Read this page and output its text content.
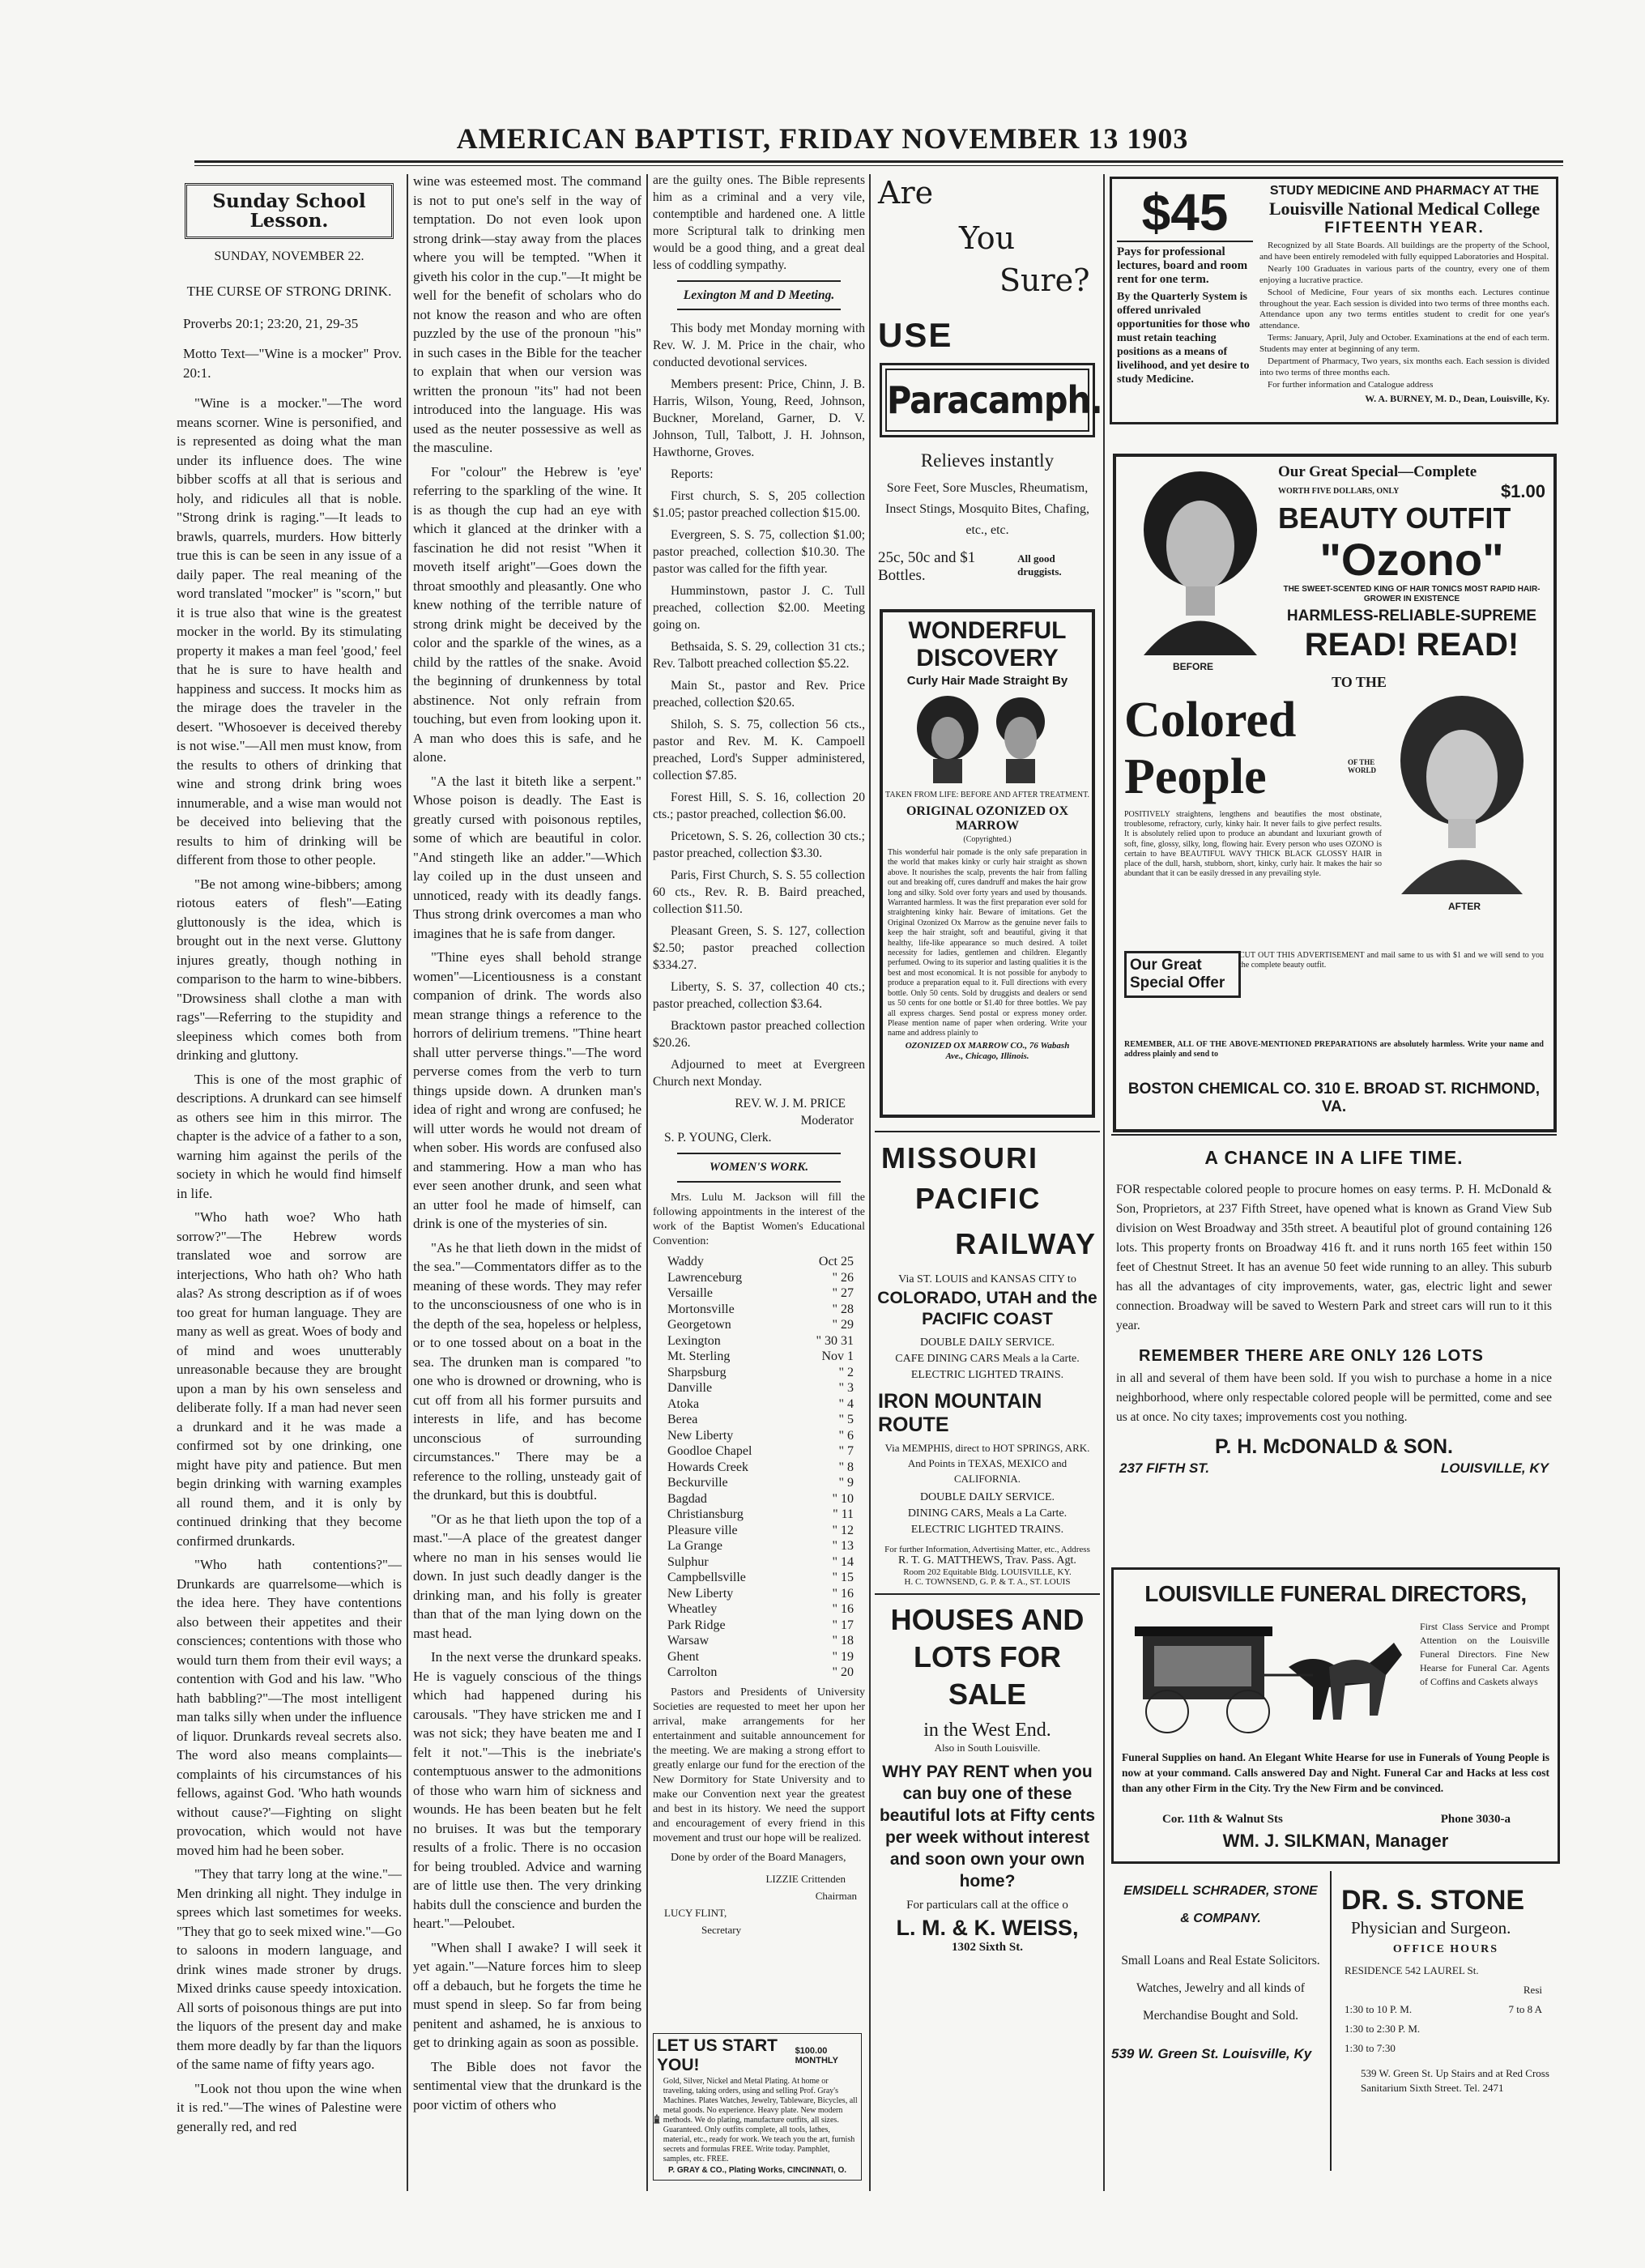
AMERICAN BAPTIST, FRIDAY NOVEMBER 13 1903
Sunday School Lesson.
SUNDAY, NOVEMBER 22.
THE CURSE OF STRONG DRINK.
Proverbs 20:1; 23:20, 21, 29-35
Motto Text—"Wine is a mocker" Prov. 20:1.

"Wine is a mocker."—The word means scorner. Wine is personified, and is represented as doing what the man under its influence does. The wine bibber scoffs at all that is serious and holy, and ridicules all that is noble. "Strong drink is raging."—It leads to brawls, quarrels, murders. How bitterly true this is can be seen in any issue of a daily paper. The real meaning of the word translated "mocker" is "scorn," but it is true also that wine is the greatest mocker in the world. By its stimulating property it makes a man feel 'good,' feel that he is sure to have health and happiness and success. It mocks him as the mirage does the traveler in the desert. "Whosoever is deceived thereby is not wise."—All men must know, from the results to others of drinking that wine and strong drink bring woes innumerable, and a wise man would not be deceived into believing that the results to him of drinking will be different from those to other people.

"Be not among wine-bibbers; among riotous eaters of flesh"—Eating gluttonously is the idea, which is brought out in the next verse. Gluttony injures greatly, though nothing in comparison to the harm to wine-bibbers. "Drowsiness shall clothe a man with rags"—Referring to the stupidity and sleepiness which comes both from drinking and gluttony.

This is one of the most graphic of descriptions. A drunkard can see himself as others see him in this mirror. The chapter is the advice of a father to a son, warning him against the perils of the society in which he would find himself in life.

"Who hath woe? Who hath sorrow?"—The Hebrew words translated woe and sorrow are interjections, Who hath oh? Who hath alas? As strong description as if of woes too great for human language. They are many as well as great. Woes of body and of mind and woes unutterably unreasonable because they are brought upon a man by his own senseless and deliberate folly. If a man had never seen a drunkard and it he was made a confirmed sot by one drinking, one might have pity and patience. But men begin drinking with warning examples all round them, and it is only by continued drinking that they become confirmed drunkards.

"Who hath contentions?"—Drunkards are quarrelsome—which is the idea here. They have contentions also between their appetites and their consciences; contentions with those who would turn them from their evil ways; a contention with God and his law. "Who hath babbling?"—The most intelligent man talks silly when under the influence of liquor. Drunkards reveal secrets also. The word also means complaints—complaints of his circumstances of his fellows, against God. 'Who hath wounds without cause?'—Fighting on slight provocation, which would not have moved him had he been sober.

"They that tarry long at the wine."—Men drinking all night. They indulge in sprees which last sometimes for weeks. "They that go to seek mixed wine."—Go to saloons in modern language, and drink wines made stroner by drugs. Mixed drinks cause speedy intoxication. All sorts of poisonous things are put into the liquors of the present day and make them more deadly by far than the liquors of the same name of fifty years ago.

"Look not thou upon the wine when it is red."—The wines of Palestine were generally red, and red

wine was esteemed most. The command is not to put one's self in the way of temptation. Do not even look upon strong drink—stay away from the places where you will be tempted. "When it giveth his color in the cup."—It might be well for the benefit of scholars who do not know the reason and who are often puzzled by the use of the pronoun "his" in such cases in the Bible for the teacher to explain that when our version was written the pronoun "its" had not been introduced into the language. His was used as the neuter possessive as well as the masculine.

For "colour" the Hebrew is 'eye' referring to the sparkling of the wine. It is as though the cup had an eye with which it glanced at the drinker with a fascination he did not resist "When it moveth itself aright"—Goes down the throat smoothly and pleasantly. One who knew nothing of the terrible nature of strong drink might be deceived by the color and the sparkle of the wines, as a child by the rattles of the snake. Avoid the beginning of drunkenness by total abstinence. Not only refrain from touching, but even from looking upon it. A man who does this is safe, and he alone.

"A the last it biteth like a serpent." Whose poison is deadly. The East is greatly cursed with poisonous reptiles, some of which are beautiful in color. "And stingeth like an adder."—Which lay coiled up in the dust unseen and unnoticed, ready with its deadly fangs. Thus strong drink overcomes a man who imagines that he is safe from danger.

"Thine eyes shall behold strange women"—Licentiousness is a constant companion of drink. The words also mean strange things a reference to the horrors of delirium tremens. "Thine heart shall utter perverse things."—The word perverse comes from the verb to turn things upside down. A drunken man's idea of right and wrong are confused; he will utter words he would not dream of when sober. His words are confused also and stammering. How a man who has ever seen another drunk, and seen what an utter fool he made of himself, can drink is one of the mysteries of sin.

"As he that lieth down in the midst of the sea."—Commentators differ as to the meaning of these words. They may refer to the unconsciousness of one who is in the depth of the sea, hopeless or helpless, or to one tossed about on a boat in the sea. The drunken man is compared "to one who is drowned or drowning, who is cut off from all his former pursuits and interests in life, and has become unconscious of surrounding circumstances." There may be a reference to the rolling, unsteady gait of the drunkard, but this is doubtful.

"Or as he that lieth upon the top of a mast."—A place of the greatest danger where no man in his senses would lie down. In just such deadly danger is the drinking man, and his folly is greater than that of the man lying down on the mast head.

In the next verse the drunkard speaks. He is vaguely conscious of the things which had happened during his carousals. "They have stricken me and I was not sick; they have beaten me and I felt it not."—This is the inebriate's contemptuous answer to the admonitions of those who warn him of sickness and wounds. He has been beaten but he felt no bruises. It was but the temporary results of a frolic. There is no occasion for being troubled. Advice and warning are of little use then. The very drinking habits dull the conscience and burden the heart."—Peloubet.

"When shall I awake? I will seek it yet again."—Nature forces him to sleep off a debauch, but he forgets the time he must spend in sleep. So far from being penitent and ashamed, he is anxious to get to drinking again as soon as possible.

The Bible does not favor the sentimental view that the drunkard is the poor victim of others who

are the guilty ones. The Bible represents him as a criminal and a very vile, contemptible and hardened one. A little more Scriptural talk to drinking men would be a good thing, and a great deal less of coddling sympathy.

Lexington M and D Meeting.

This body met Monday morning with Rev. W. J. M. Price in the chair, who conducted devotional services.

Members present: Price, Chinn, J. B. Harris, Wilson, Young, Reed, Johnson, Buckner, Moreland, Garner, D. V. Johnson, Tull, Talbott, J. H. Johnson, Hawthorne, Groves.

Reports:

First church, S. S, 205 collection $1.05; pastor preached collection $15.00.

Evergreen, S. S. 75, collection $1.00; pastor preached, collection $10.30. The pastor was called for the fifth year.

Humminstown, pastor J. C. Tull preached, collection $2.00. Meeting going on.

Bethsaida, S. S. 29, collection 31 cts.; Rev. Talbott preached collection $5.22.

Main St., pastor and Rev. Price preached, collection $20.65.

Shiloh, S. S. 75, collection 56 cts., pastor and Rev. M. K. Campoell preached, Lord's Supper administered, collection $7.85.

Forest Hill, S. S. 16, collection 20 cts.; pastor preached, collection $6.00.

Pricetown, S. S. 26, collection 30 cts.; pastor preached, collection $3.30.

Paris, First Church, S. S. 55 collection 60 cts., Rev. R. B. Baird preached, collection $11.50.

Pleasant Green, S. S. 127, collection $2.50; pastor preached collection $334.27.

Liberty, S. S. 37, collection 40 cts.; pastor preached, collection $3.64.

Bracktown pastor preached collection $20.26.

Adjourned to meet at Evergreen Church next Monday.

REV. W. J. M. PRICE
Moderator
S. P. YOUNG, Clerk.
WOMEN'S WORK.

Mrs. Lulu M. Jackson will fill the following appointments in the interest of the work of the Baptist Women's Educational Convention:

Waddy	Oct 25
Lawrenceburg	" 26
Versaille	" 27
Mortonsville	" 28
Georgetown	" 29
Lexington	" 30 31
Mt. Sterling	Nov 1
Sharpsburg	" 2
Danville	" 3
Atoka	" 4
Berea	" 5
New Liberty	" 6
Goodloe Chapel	" 7
Howards Creek	" 8
Beckurville	" 9
Bagdad	" 10
Christiansburg	" 11
Pleasure ville	" 12
La Grange	" 13
Sulphur	" 14
Campbellsville	" 15
New Liberty	" 16
Wheatley	" 16
Park Ridge	" 17
Warsaw	" 18
Ghent	" 19
Carrolton	" 20

Pastors and Presidents of University Societies are requested to meet her upon her arrival, make arrangements for her entertainment and suitable announcement for the meeting. We are making a strong effort to greatly enlarge our fund for the erection of the New Dormitory for State University and to make our Convention next year the greatest and best in its history. We need the support and encouragement of every friend in this movement and trust our hope will be realized.

Done by order of the Board Managers,

LIZZIE Crittenden
Chairman
LUCY FLINT,
Secretary
LET US START YOU!
$100.00 MONTHLY
Gold, Silver, Nickel and Metal Plating. At home or traveling, taking orders, using and selling Prof. Gray's Machines. Plates Watches, Jewelry, Tableware, Bicycles, all metal goods. No experience. Heavy plate. New modern methods. We do plating, manufacture outfits, all sizes. Guaranteed. Only outfits complete, all tools, lathes, material, etc., ready for work. We teach you the art, furnish secrets and formulas FREE. Write today. Pamphlet, samples, etc. FREE.
P. GRAY & CO., Plating Works, CINCINNATI, O.
Are
You
Sure?
USE
Paracamph.
Relieves instantly
Sore Feet, Sore Muscles, Rheumatism, Insect Stings, Mosquito Bites, Chafing, etc., etc.
25c, 50c and $1 Bottles.
All good druggists.
WONDERFUL DISCOVERY
Curly Hair Made Straight By
TAKEN FROM LIFE: BEFORE AND AFTER TREATMENT.
ORIGINAL OZONIZED OX MARROW
(Copyrighted.)
This wonderful hair pomade is the only safe preparation in the world that makes kinky or curly hair straight as shown above. It nourishes the scalp, prevents the hair from falling out and breaking off, cures dandruff and makes the hair grow long and silky. Sold over forty years and used by thousands. Warranted harmless. It was the first preparation ever sold for straightening kinky hair. Beware of imitations. Get the Original Ozonized Ox Marrow as the genuine never fails to keep the hair straight, soft and beautiful, giving it that healthy, life-like appearance so much desired. A toilet necessity for ladies, gentlemen and children. Elegantly perfumed. Owing to its superior and lasting qualities it is the best and most economical. It is not possible for anybody to produce a preparation equal to it. Full directions with every bottle. Only 50 cents. Sold by druggists and dealers or send us 50 cents for one bottle or $1.40 for three bottles. We pay all express charges. Send postal or express money order. Please mention name of paper when ordering. Write your name and address plainly to
OZONIZED OX MARROW CO., 76 Wabash Ave., Chicago, Illinois.
MISSOURI
PACIFIC
RAILWAY
Via ST. LOUIS and KANSAS CITY to
COLORADO, UTAH and the PACIFIC COAST
DOUBLE DAILY SERVICE.
CAFE DINING CARS Meals a la Carte.
ELECTRIC LIGHTED TRAINS.
IRON MOUNTAIN ROUTE
Via MEMPHIS, direct to HOT SPRINGS, ARK. And Points in TEXAS, MEXICO and CALIFORNIA.
DOUBLE DAILY SERVICE.
DINING CARS, Meals a La Carte.
ELECTRIC LIGHTED TRAINS.
For further Information, Advertising Matter, etc., Address
R. T. G. MATTHEWS, Trav. Pass. Agt.
Room 202 Equitable Bldg. LOUISVILLE, KY.
H. C. TOWNSEND, G. P. & T. A., ST. LOUIS
HOUSES AND LOTS FOR SALE
in the West End.
Also in South Louisville.
WHY PAY RENT when you can buy one of these beautiful lots at Fifty cents per week without interest and soon own your own home?
For particulars call at the office o
L. M. & K. WEISS,
1302 Sixth St.
$45
Pays for professional lectures, board and room rent for one term.
By the Quarterly System is offered unrivaled opportunities for those who must retain teaching positions as a means of livelihood, and yet desire to study Medicine.
STUDY MEDICINE AND PHARMACY AT THE
Louisville National Medical College
FIFTEENTH YEAR.

Recognized by all State Boards. All buildings are the property of the School, and have been entirely remodeled with fully equipped Laboratories and Hospital.

Nearly 100 Graduates in various parts of the country, every one of them enjoying a lucrative practice.

School of Medicine, Four years of six months each. Lectures continue throughout the year. Each session is divided into two terms of three months each. Attendance upon any two terms entitles student to credit for one year's attendance.

Terms: January, April, July and October. Examinations at the end of each term. Students may enter at beginning of any term.

Department of Pharmacy, Two years, six months each. Each session is divided into two terms of three months each.

For further information and Catalogue address

W. A. BURNEY, M. D., Dean, Louisville, Ky.
BEFORE
Our Great Special—Complete
WORTH FIVE DOLLARS, ONLY	$1.00
BEAUTY OUTFIT
"Ozono"
THE SWEET-SCENTED KING OF HAIR TONICS MOST RAPID HAIR-GROWER IN EXISTENCE
HARMLESS-RELIABLE-SUPREME
READ! READ!
TO THE
Colored
People	OF THE WORLD
AFTER
POSITIVELY straightens, lengthens and beautifies the most obstinate, troublesome, refractory, curly, kinky hair. It never fails to give perfect results. It is absolutely relied upon to produce an abundant and luxuriant growth of soft, fine, glossy, silky, long, flowing hair. Every person who uses OZONO is certain to have BEAUTIFUL WAVY THICK BLACK GLOSSY HAIR in place of the dull, harsh, stubborn, short, kinky, curly hair. It makes the hair so abundant that it can be easily dressed in any prevailing style.
Our Great Special Offer
CUT OUT THIS ADVERTISEMENT and mail same to us with $1 and we will send to you the complete beauty outfit.
REMEMBER, ALL OF THE ABOVE-MENTIONED PREPARATIONS are absolutely harmless. Write your name and address plainly and send to
BOSTON CHEMICAL CO. 310 E. BROAD ST. RICHMOND, VA.
A CHANCE IN A LIFE TIME.
FOR respectable colored people to procure homes on easy terms. P. H. McDonald & Son, Proprietors, at 237 Fifth Street, have opened what is known as Grand View Sub division on West Broadway and 35th street. A beautiful plot of ground containing 126 lots. This property fronts on Broadway 416 ft. and it runs north 165 feet within 150 feet of Chestnut Street. It has an avenue 50 feet wide running to an alley. This suburb has all the advantages of city improvements, water, gas, electric light and sewer connection. Broadway will be saved to Western Park and street cars will run to it this year.
REMEMBER THERE ARE ONLY 126 LOTS
in all and several of them have been sold. If you wish to purchase a home in a nice neighborhood, where only respectable colored people will be permitted, come and see us at once. No city taxes; improvements cost you nothing.
P. H. McDONALD & SON.
237 FIFTH ST.	LOUISVILLE, KY
LOUISVILLE FUNERAL DIRECTORS,
First Class Service and Prompt Attention on the Louisville Funeral Directors. Fine New Hearse for Funeral Car. Agents of Coffins and Caskets always
Funeral Supplies on hand. An Elegant White Hearse for use in Funerals of Young People is now at your command. Calls answered Day and Night. Funeral Car and Hacks at less cost than any other Firm in the City. Try the New Firm and be convinced.
Cor. 11th & Walnut Sts	Phone 3030-a
WM. J. SILKMAN, Manager
EMSIDELL SCHRADER, STONE & COMPANY.
Small Loans and Real Estate Solicitors. Watches, Jewelry and all kinds of Merchandise Bought and Sold.
539 W. Green St. Louisville, Ky
DR. S. STONE
Physician and Surgeon.
OFFICE HOURS
RESIDENCE 542 LAUREL St.
Resi
1:30 to 10 P. M.	7 to 8 A
1:30 to 2:30 P. M.
1:30 to 7:30
539 W. Green St. Up Stairs and at Red Cross Sanitarium Sixth Street. Tel. 2471
